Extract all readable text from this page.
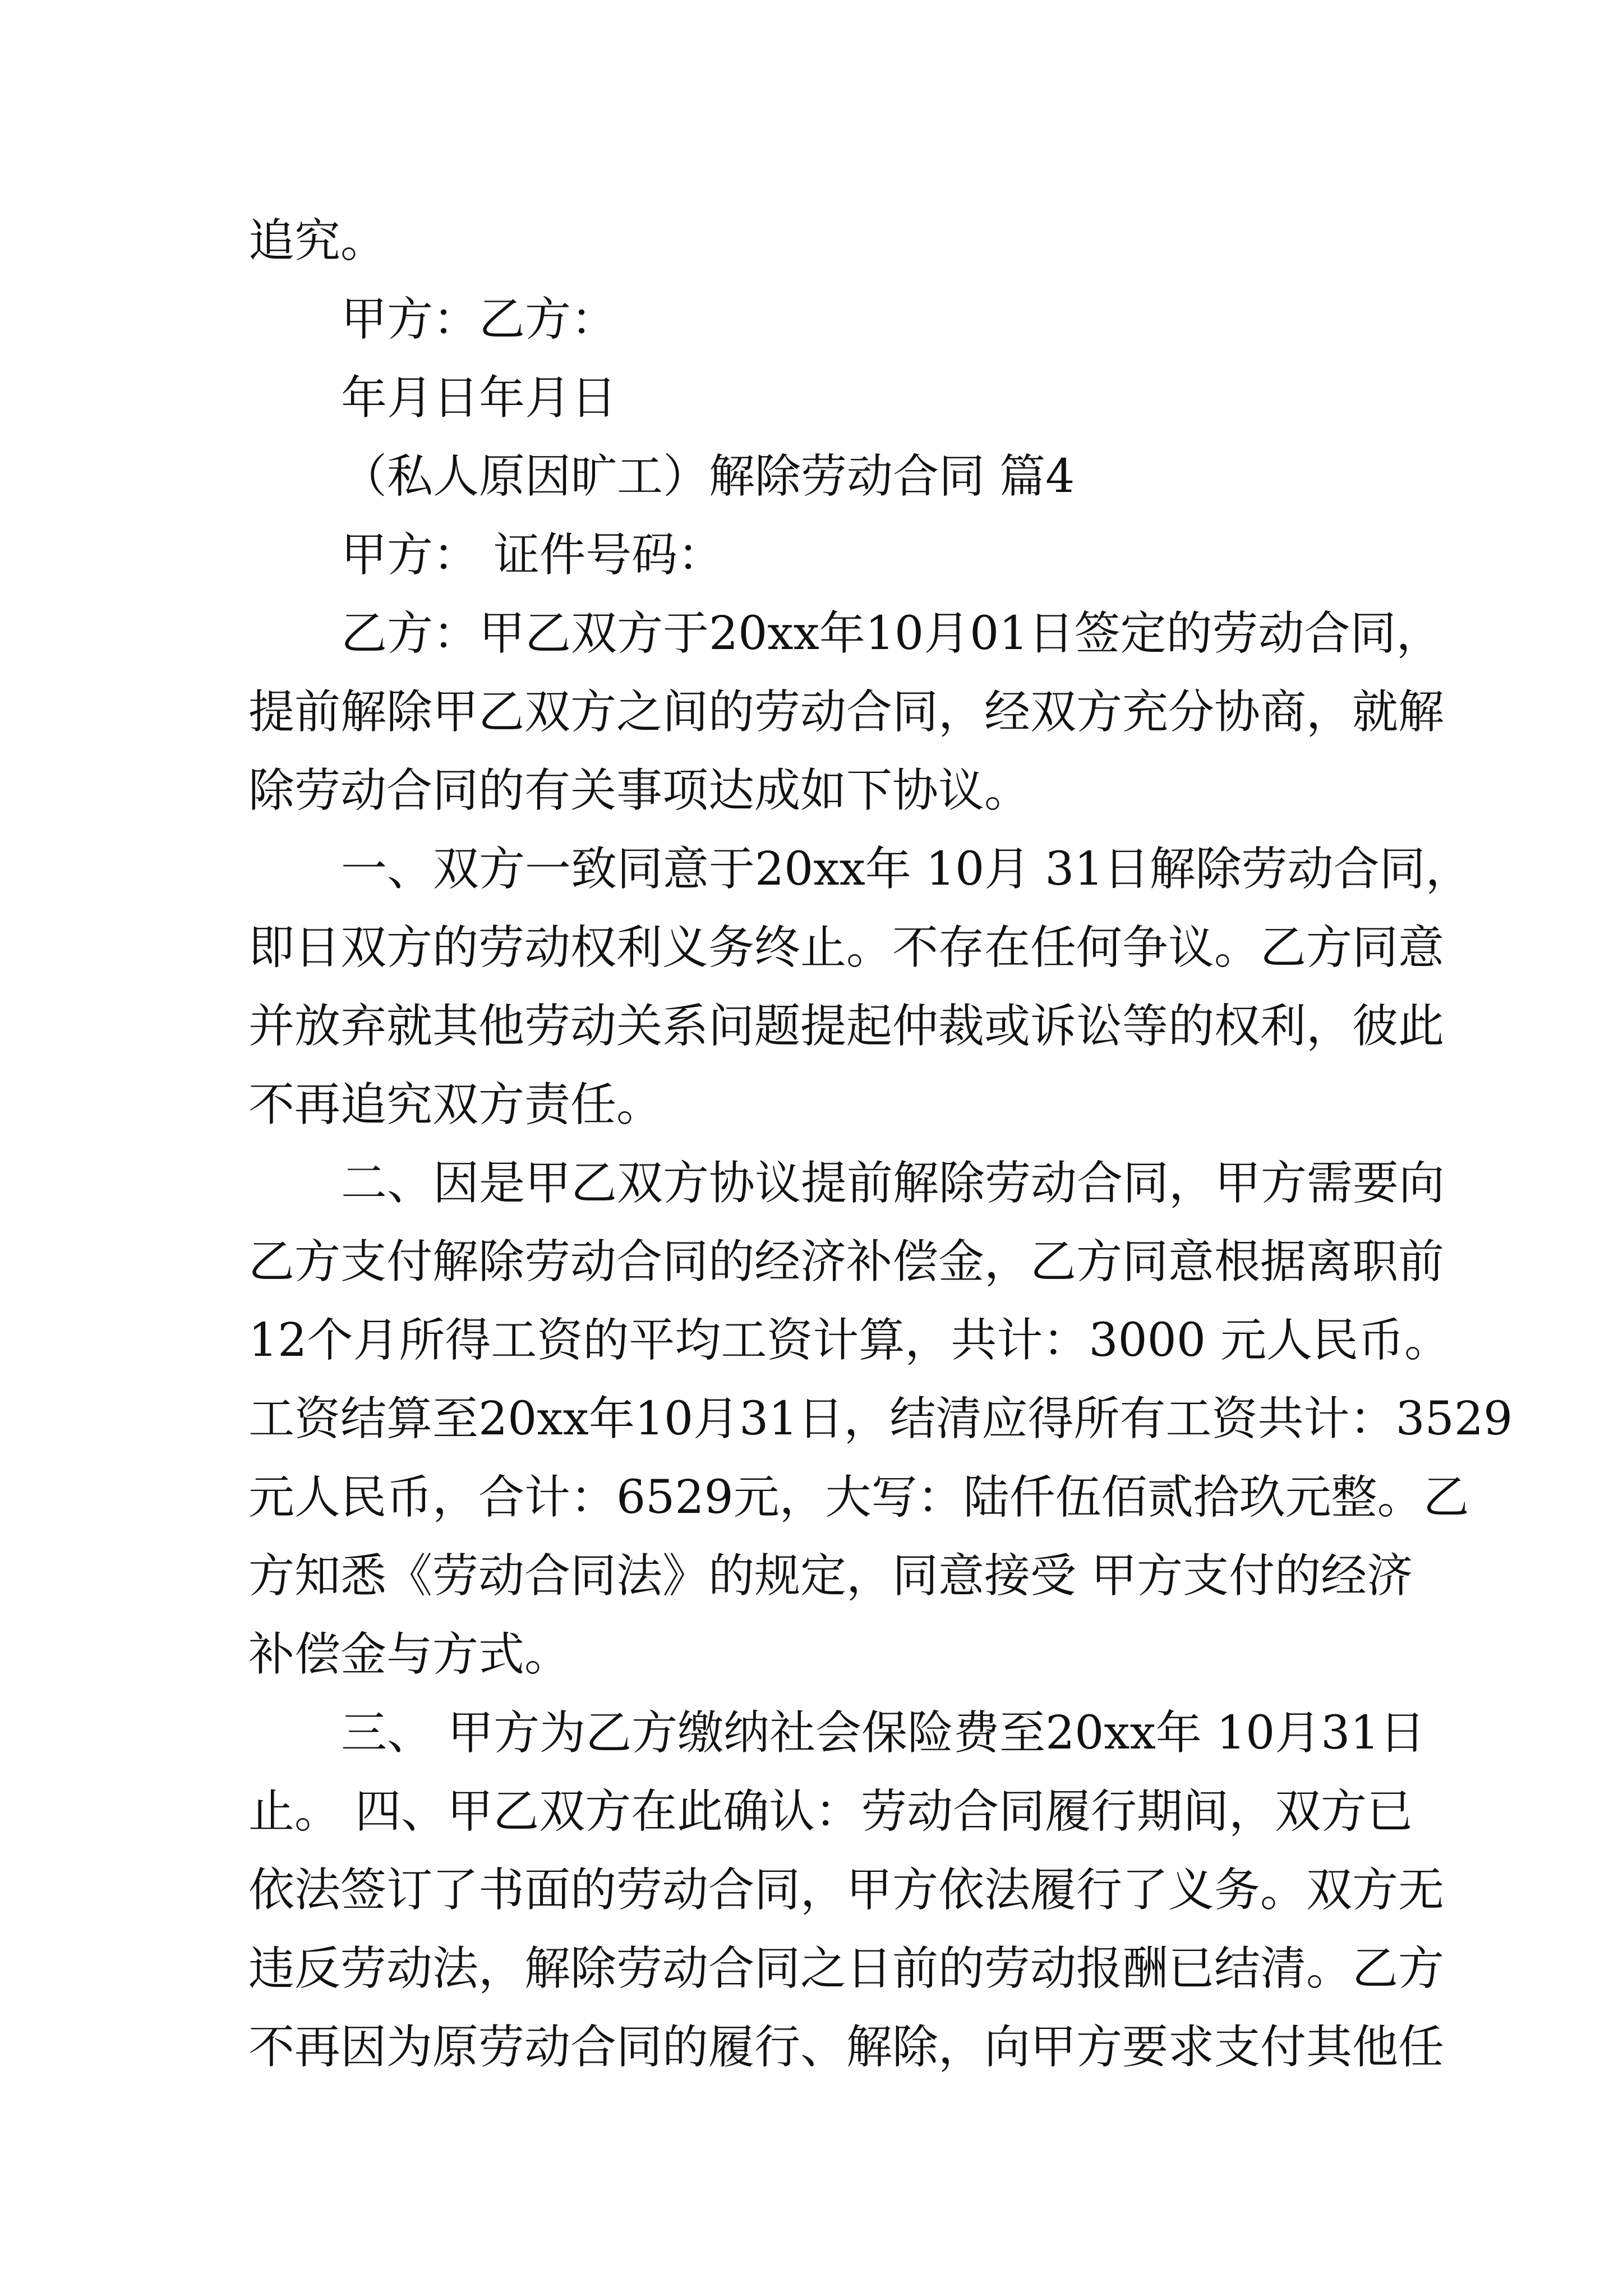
追究。
甲方：乙方：
年月日年月日
（私人原因旷工）解除劳动合同 篇4
甲方： 证件号码：
乙方：甲乙双方于20xx年10月01日签定的劳动合同，
提前解除甲乙双方之间的劳动合同，经双方充分协商，就解
除劳动合同的有关事项达成如下协议。
一、双方一致同意于20xx年 10月 31日解除劳动合同，
即日双方的劳动权利义务终止。不存在任何争议。乙方同意
并放弃就其他劳动关系问题提起仲裁或诉讼等的权利，彼此
不再追究双方责任。
二、因是甲乙双方协议提前解除劳动合同，甲方需要向
乙方支付解除劳动合同的经济补偿金，乙方同意根据离职前
12个月所得工资的平均工资计算，共计：3000 元人民币。
工资结算至20xx年10月31日，结清应得所有工资共计：3529
元人民币，合计：6529元，大写：陆仟伍佰贰拾玖元整。乙
方知悉《劳动合同法》的规定，同意接受 甲方支付的经济
补偿金与方式。
三、 甲方为乙方缴纳社会保险费至20xx年 10月31日
止。 四、甲乙双方在此确认：劳动合同履行期间，双方已
依法签订了书面的劳动合同，甲方依法履行了义务。双方无
违反劳动法，解除劳动合同之日前的劳动报酬已结清。乙方
不再因为原劳动合同的履行、解除，向甲方要求支付其他任
